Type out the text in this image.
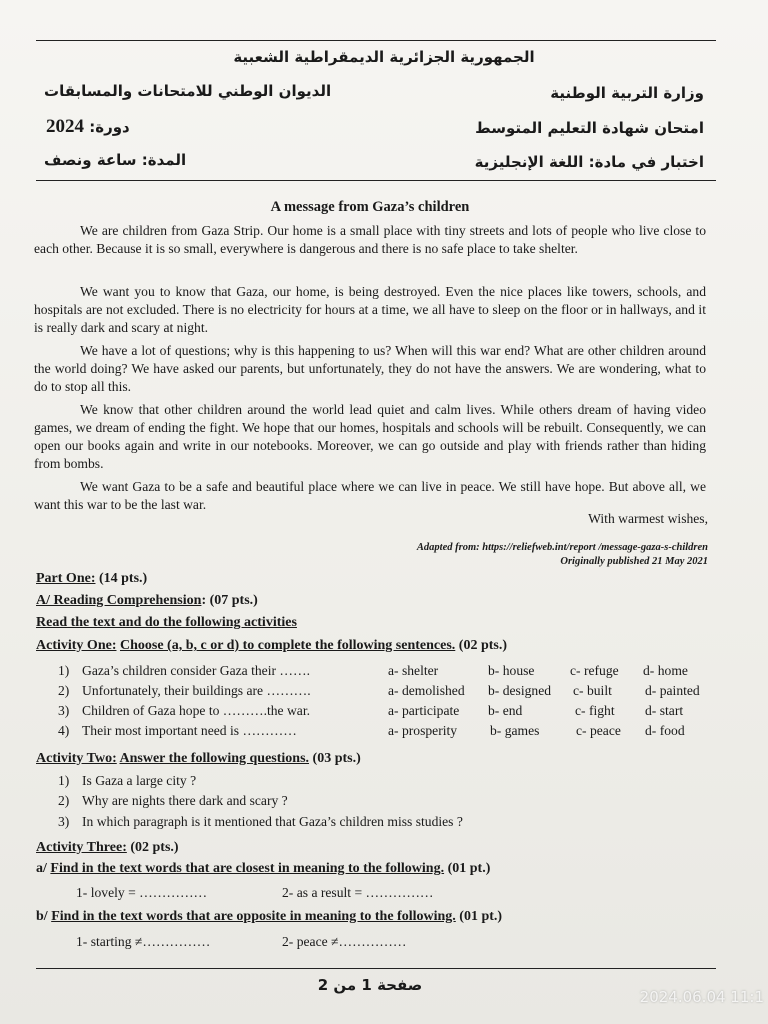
الجمهورية الجزائرية الديمقراطية الشعبية
وزارة التربية الوطنية
الديوان الوطني للامتحانات والمسابقات
امتحان شهادة التعليم المتوسط
دورة: 2024
اختبار في مادة: اللغة الإنجليزية
المدة: ساعة ونصف
A message from Gaza’s children

We are children from Gaza Strip. Our home is a small place with tiny streets and lots of people who live close to each other. Because it is so small, everywhere is dangerous and there is no safe place to take shelter.

We want you to know that Gaza, our home, is being destroyed. Even the nice places like towers, schools, and hospitals are not excluded. There is no electricity for hours at a time, we all have to sleep on the floor or in hallways, and it is really dark and scary at night.

We have a lot of questions; why is this happening to us? When will this war end? What are other children around the world doing? We have asked our parents, but unfortunately, they do not have the answers. We are wondering, what to do to stop all this.

We know that other children around the world lead quiet and calm lives. While others dream of having video games, we dream of ending the fight. We hope that our homes, hospitals and schools will be rebuilt. Consequently, we can open our books again and write in our notebooks. Moreover, we can go outside and play with friends rather than hiding from bombs.

We want Gaza to be a safe and beautiful place where we can live in peace. We still have hope. But above all, we want this war to be the last war.

With warmest wishes,
Adapted from: https://reliefweb.int/report /message-gaza-s-children
Originally published 21 May 2021
Part One: (14 pts.)
A/ Reading Comprehension: (07 pts.)
Read the text and do the following activities
Activity One: Choose (a, b, c or d) to complete the following sentences. (02 pts.)
1) Gaza’s children consider Gaza their …….	a- shelter	b- house	c- refuge d- home
2) Unfortunately, their buildings are ……….	a- demolished b- designed c- built d- painted
3) Children of Gaza hope to ……….the war.	a- participate b- end	c- fight d- start
4) Their most important need is …………	a- prosperity b- games	c- peace d- food
Activity Two: Answer the following questions. (03 pts.)
1) Is Gaza a large city ?
2) Why are nights there dark and scary ?
3) In which paragraph is it mentioned that Gaza’s children miss studies ?
Activity Three: (02 pts.)
a/ Find in the text words that are closest in meaning to the following. (01 pt.)
1- lovely = ……………	2- as a result = ……………
b/ Find in the text words that are opposite in meaning to the following. (01 pt.)
1- starting ≠……………	2- peace ≠……………
صفحة 1 من 2
2024.06.04 11:1
